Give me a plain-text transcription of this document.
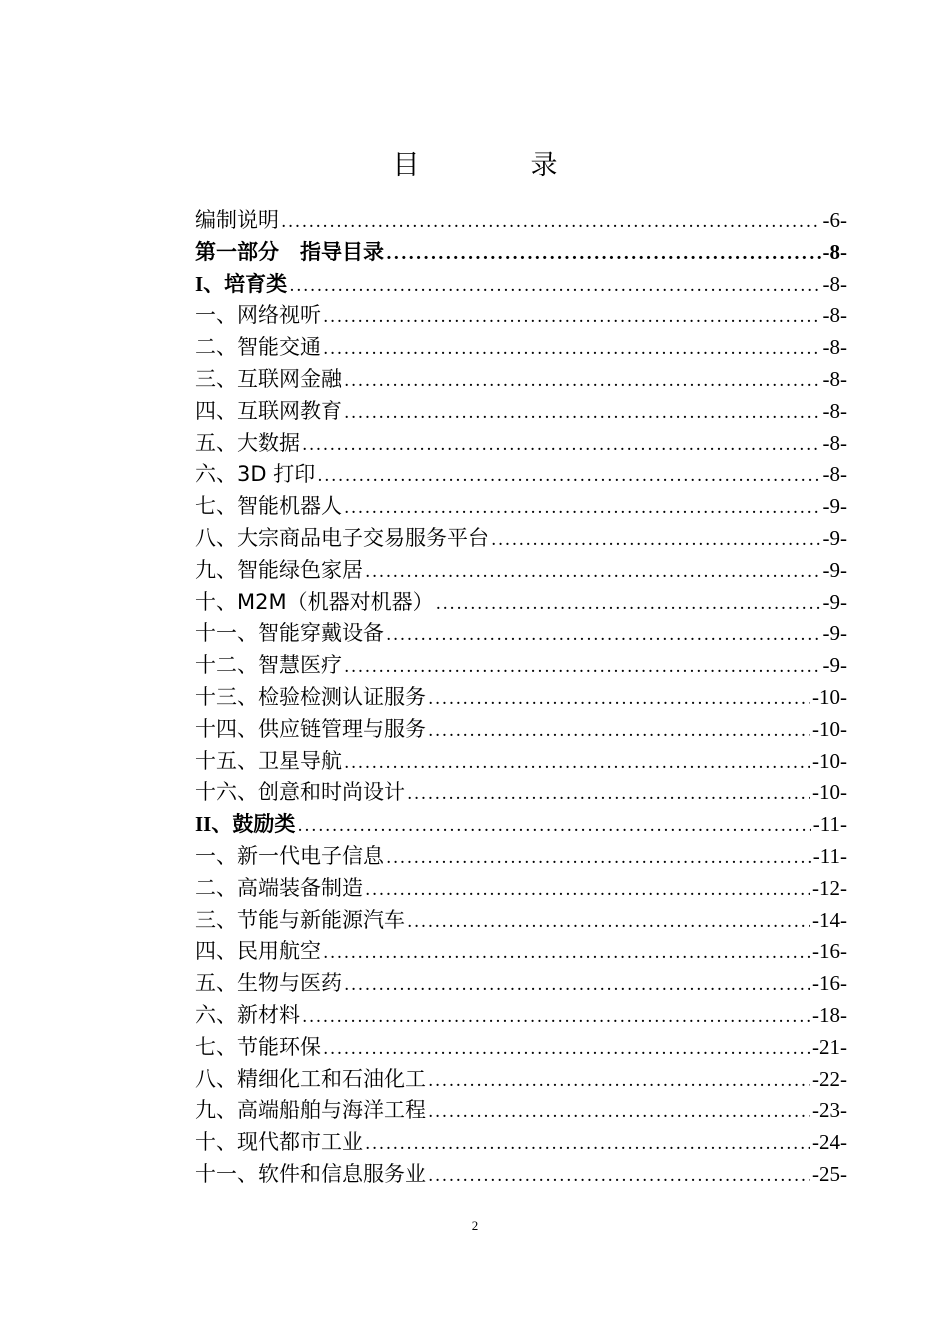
目　录
编制说明 .....	-6-
第一部分　指导目录 .....	-8-
I、培育类 .....	-8-
一、网络视听 .....	-8-
二、智能交通 .....	-8-
三、互联网金融 .....	-8-
四、互联网教育 .....	-8-
五、大数据 .....	-8-
六、3D 打印 .....	-8-
七、智能机器人 .....	-9-
八、大宗商品电子交易服务平台 .....	-9-
九、智能绿色家居 .....	-9-
十、M2M（机器对机器） .....	-9-
十一、智能穿戴设备 .....	-9-
十二、智慧医疗 .....	-9-
十三、检验检测认证服务 .....	-10-
十四、供应链管理与服务 .....	-10-
十五、卫星导航 .....	-10-
十六、创意和时尚设计 .....	-10-
II、鼓励类 .....	-11-
一、新一代电子信息 .....	-11-
二、高端装备制造 .....	-12-
三、节能与新能源汽车 .....	-14-
四、民用航空 .....	-16-
五、生物与医药 .....	-16-
六、新材料 .....	-18-
七、节能环保 .....	-21-
八、精细化工和石油化工 .....	-22-
九、高端船舶与海洋工程 .....	-23-
十、现代都市工业 .....	-24-
十一、软件和信息服务业 .....	-25-
2
